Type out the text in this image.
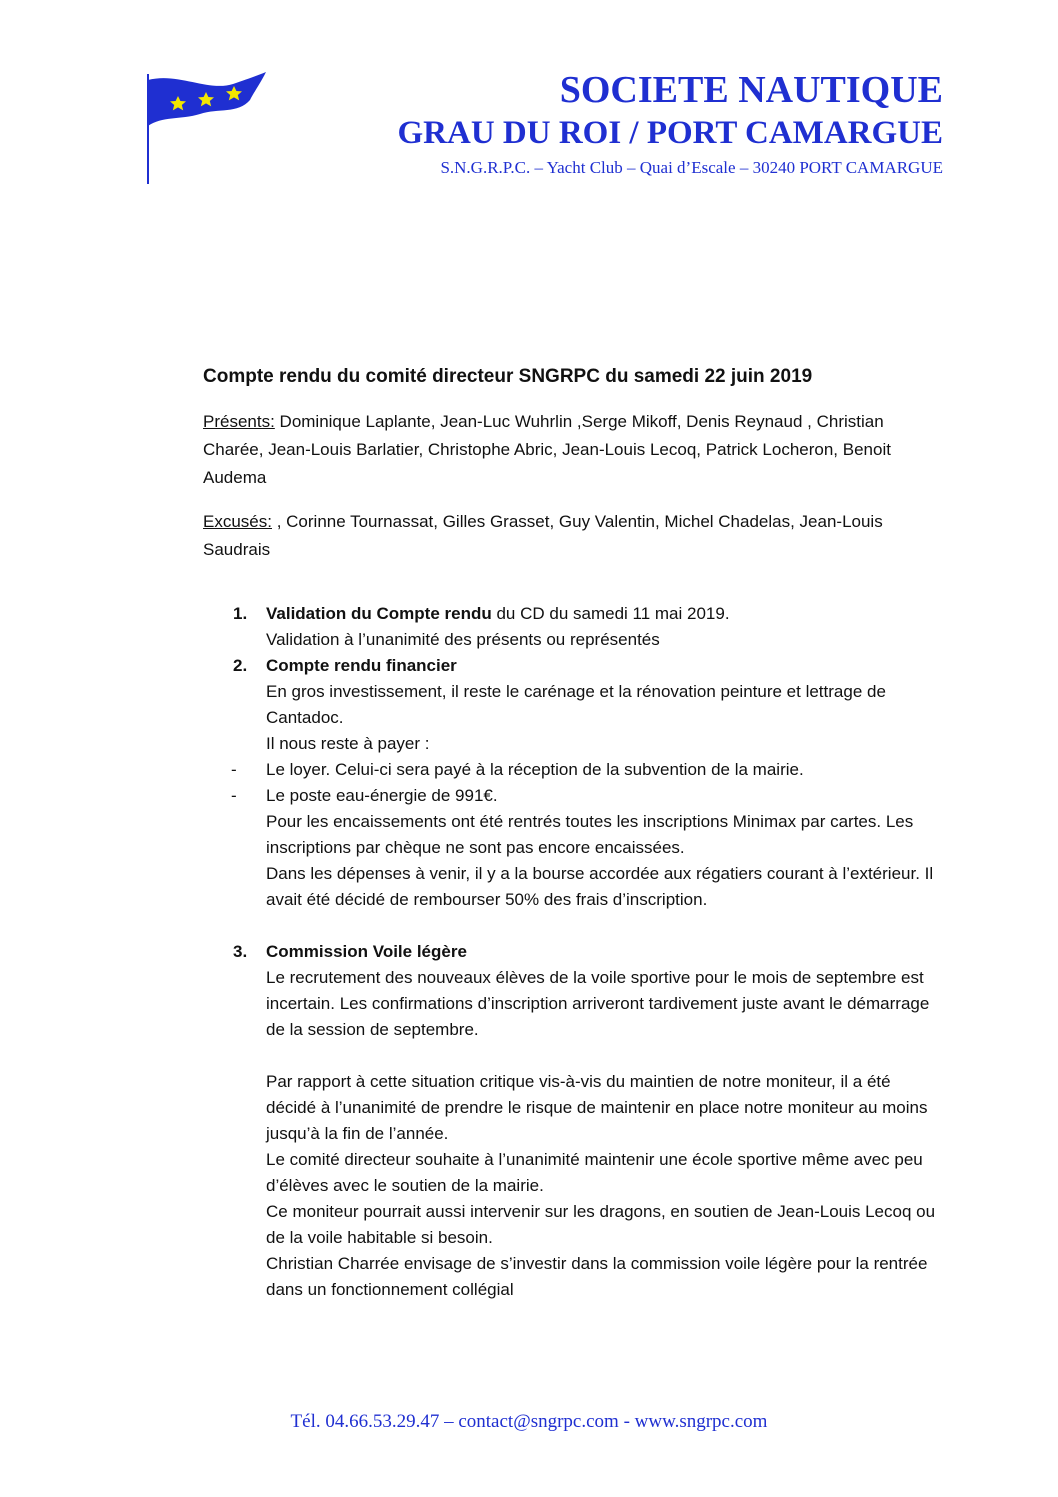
SOCIETE NAUTIQUE
GRAU DU ROI / PORT CAMARGUE
S.N.G.R.P.C. – Yacht Club – Quai d’Escale – 30240 PORT CAMARGUE
Compte rendu du comité directeur SNGRPC du samedi 22 juin 2019
Présents: Dominique Laplante, Jean-Luc Wuhrlin ,Serge Mikoff, Denis Reynaud , Christian Charée, Jean-Louis Barlatier, Christophe Abric, Jean-Louis Lecoq, Patrick Locheron, Benoit Audema
Excusés: , Corinne Tournassat, Gilles Grasset, Guy Valentin, Michel Chadelas, Jean-Louis Saudrais
1. Validation du Compte rendu du CD du samedi 11 mai 2019.
Validation à l’unanimité des présents ou représentés
2. Compte rendu financier
En gros investissement, il reste le carénage et la rénovation peinture et lettrage de Cantadoc.
Il nous reste à payer :
- Le loyer. Celui-ci sera payé à la réception de la subvention de la mairie.
- Le poste eau-énergie de 991€.
Pour les encaissements ont été rentrés toutes les inscriptions Minimax par cartes. Les inscriptions par chèque ne sont pas encore encaissées.
Dans les dépenses à venir, il y a la bourse accordée aux régatiers courant à l’extérieur. Il avait été décidé de rembourser 50% des frais d’inscription.
3. Commission Voile légère
Le recrutement des nouveaux élèves de la voile sportive pour le mois de septembre est incertain. Les confirmations d’inscription arriveront tardivement juste avant le démarrage de la session de septembre.
Par rapport à cette situation critique vis-à-vis du maintien de notre moniteur, il a été décidé à l’unanimité de prendre le risque de maintenir en place notre moniteur au moins jusqu’à la fin de l’année.
Le comité directeur souhaite à l’unanimité maintenir une école sportive même avec peu d’élèves avec le soutien de la mairie.
Ce moniteur pourrait aussi intervenir sur les dragons, en soutien de Jean-Louis Lecoq ou de la voile habitable si besoin.
Christian Charrée envisage de s’investir dans la commission voile légère pour la rentrée dans un fonctionnement collégial
Tél. 04.66.53.29.47 – contact@sngrpc.com - www.sngrpc.com
